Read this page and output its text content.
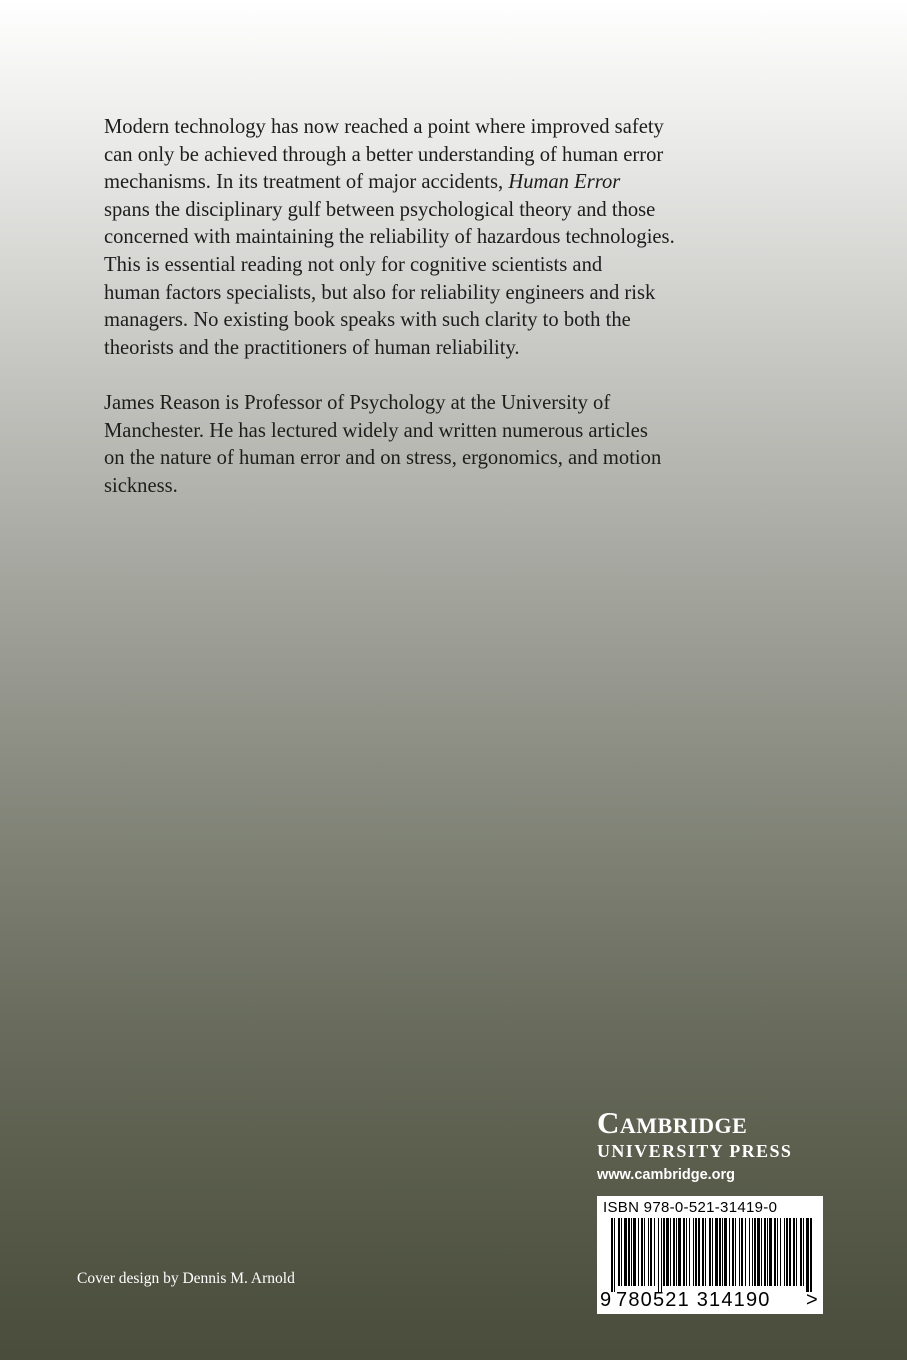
Modern technology has now reached a point where improved safety
can only be achieved through a better understanding of human error
mechanisms. In its treatment of major accidents, Human Error
spans the disciplinary gulf between psychological theory and those
concerned with maintaining the reliability of hazardous technologies.
This is essential reading not only for cognitive scientists and
human factors specialists, but also for reliability engineers and risk
managers. No existing book speaks with such clarity to both the
theorists and the practitioners of human reliability.

James Reason is Professor of Psychology at the University of
Manchester. He has lectured widely and written numerous articles
on the nature of human error and on stress, ergonomics, and motion
sickness.

Cover design by Dennis M. Arnold
Cambridge
UNIVERSITY PRESS
www.cambridge.org
ISBN 978-0-521-31419-0
9 780521 314190 >
